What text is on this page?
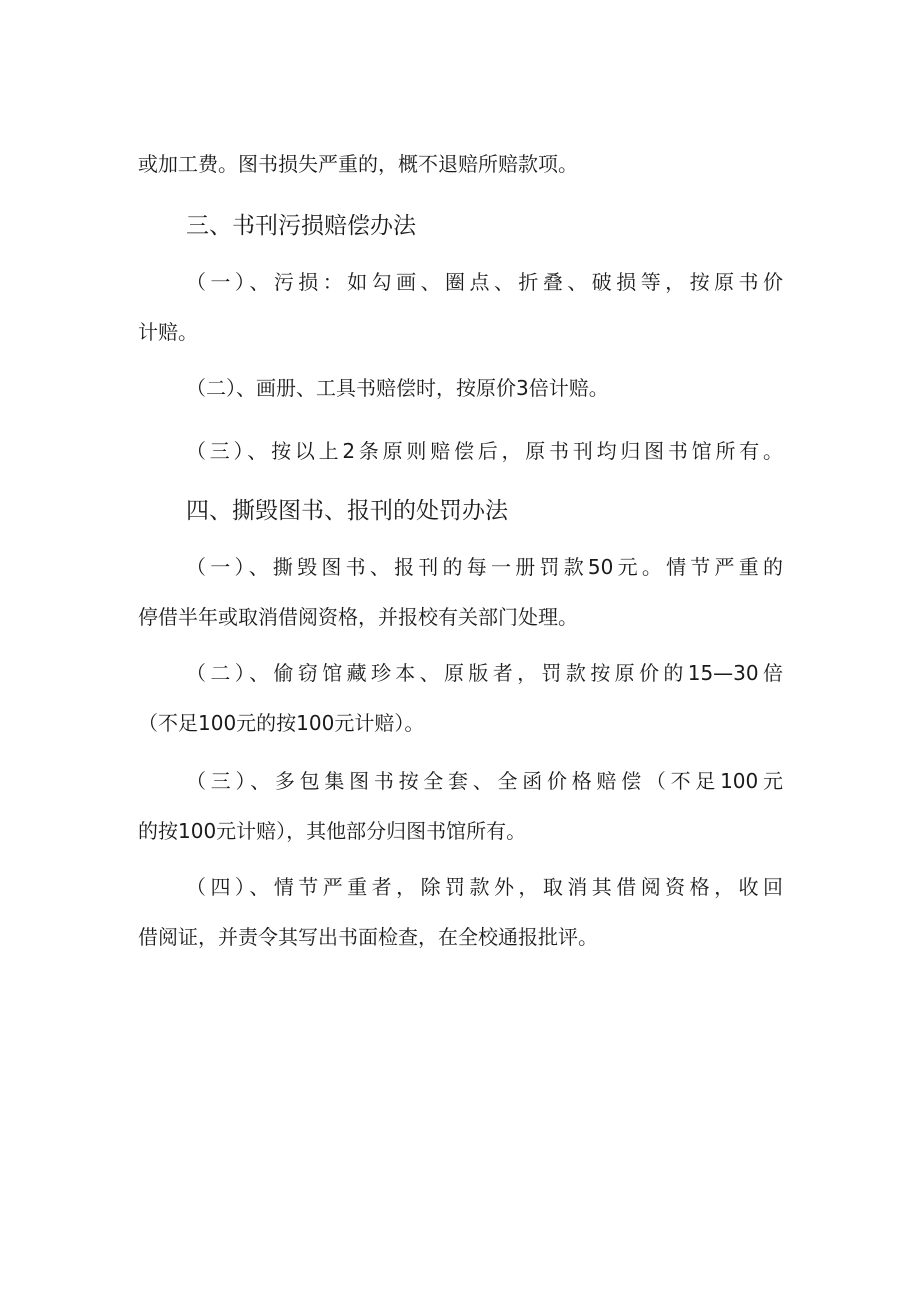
或加工费。图书损失严重的，概不退赔所赔款项。
三、书刊污损赔偿办法
（一）、污损：如勾画、圈点、折叠、破损等，按原书价
计赔。
（二）、画册、工具书赔偿时，按原价3倍计赔。
（三）、按以上2条原则赔偿后，原书刊均归图书馆所有。
四、撕毁图书、报刊的处罚办法
（一）、撕毁图书、报刊的每一册罚款50元。情节严重的
停借半年或取消借阅资格，并报校有关部门处理。
（二）、偷窃馆藏珍本、原版者，罚款按原价的15—30倍
（不足100元的按100元计赔）。
（三）、多包集图书按全套、全函价格赔偿（不足100元
的按100元计赔），其他部分归图书馆所有。
（四）、情节严重者，除罚款外，取消其借阅资格，收回
借阅证，并责令其写出书面检查，在全校通报批评。
